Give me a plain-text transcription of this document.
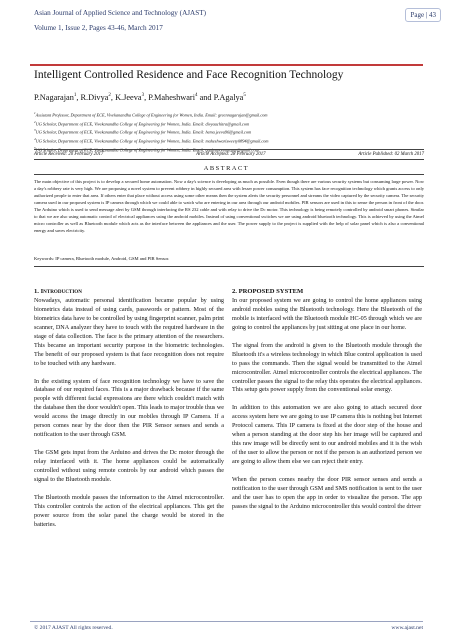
Asian Journal of Applied Science and Technology (AJAST)
Volume 1, Issue 2, Pages 43-46, March 2017
Page | 43
Intelligent Controlled Residence and Face Recognition Technology
P.Nagarajan$^1$, R.Divya$^2$, K.Jeeva$^3$, P.Maheshwari$^4$ and P.Agalya$^5$
$^1$Assistant Professor, Department of ECE, Vivekanandha College of Engineering for Women, India. Email: greennagarajan@gmail.com
$^2$UG Scholar, Department of ECE, Vivekanandha College of Engineering for Women, India. Email: divyaachitra@gmail.com
$^3$UG Scholar, Department of ECE, Vivekanandha College of Engineering for Women, India. Email: hema.jeeva96@gmail.com
$^4$UG Scholar, Department of ECE, Vivekanandha College of Engineering for Women, India. Email: maheshwarisweety0894@gmail.com
$^5$UG Scholar, Department of ECE, Vivekanandha College of Engineering for Women, India. Email: agalyaponnusamy@gmail.com
Article Received: 20 February 2017	Article Accepted: 28 February 2017	Article Published: 02 March 2017
ABSTRACT

The main objective of this project is to develop a secured home automation. Now a day's science is developing as much as possible. Even though there are various security systems but consuming large power. Now a day's robbery rate is very high. We are proposing a novel system to prevent robbery in highly secured area with lesser power consumption. This system has face recognition technology which grants access to only authorized people to enter that area. If others enter that place without access using some other means then the system alerts the security personnel and streams the video captured by the security camera. The security camera used in our proposed system is IP camera through which we could able to watch who are entering in our area through our android mobiles. PIR sensors are used in this to sense the person in front of the door. The Arduino which is used to send message alert by GSM through interfacing the RS 232 cable and with relay to drive the Dc motor. This technology is being remotely controlled by android smart phones. Similar to that we are also using automatic control of electrical appliances using the android mobiles. Instead of using conventional switches we are using android bluetooth technology. This is achieved by using the Atmel micro controller as well as Bluetooth module which acts as the interface between the appliances and the user. The power supply to the project is supplied with the help of solar panel which is also a conventional energy and saves electricity.

Keywords: IP camera, Bluetooth module, Android, GSM and PIR Sensor.

1. INTRODUCTION

Nowadays, automatic personal identification became popular by using biometrics data instead of using cards, passwords or pattern. Most of the biometrics data have to be controlled by using fingerprint scanner, palm print scanner, DNA analyzer they have to touch with the required hardware in the stage of data collection. The face is the primary attention of the researchers. This became an important security purpose in the biometric technologies. The benefit of our proposed system is that face recognition does not require to be touched with any hardware.

In the existing system of face recognition technology we have to save the database of our required faces. This is a major drawback because if the same people with different facial expressions are there which couldn't match with the database then the door wouldn't open. This leads to major trouble thus we would access the image directly in our mobiles through IP Camera. If a person comes near by the door then the PIR Sensor senses and sends a notification to the user through GSM.

The GSM gets input from the Arduino and drives the Dc motor through the relay interfaced with it. The home appliances could be automatically controlled without using remote controls by our android which passes the signal to the Bluetooth module.

The Bluetooth module passes the information to the Atmel microcontroller. This controller controls the action of the electrical appliances. This get the power source from the solar panel the charge would be stored in the batteries.

2. PROPOSED SYSTEM

In our proposed system we are going to control the home appliances using android mobiles using the Bluetooth technology. Here the Bluetooth of the mobile is interfaced with the Bluetooth module HC-05 through which we are going to control the appliances by just sitting at one place in our home.

The signal from the android is given to the Bluetooth module through the Bluetooth it's a wireless technology in which Blue control application is used to pass the commands. Then the signal would be transmitted to the Atmel microcontroller. Atmel microcontroller controls the electrical appliances. The controller passes the signal to the relay this operates the electrical appliances. This setup gets power supply from the conventional solar energy.

In addition to this automation we are also going to attach secured door access system here we are going to use IP camera this is nothing but Internet Protocol camera. This IP camera is fixed at the door step of the house and when a person standing at the door step his her image will be captured and this raw image will be directly sent to our android mobiles and it is the wish of the user to allow the person or not if the person is an authorized person we are going to allow them else we can reject their entry.

When the person comes nearby the door PIR sensor senses and sends a notification to the user through GSM and SMS notification is sent to the user and the user has to open the app in order to visualize the person. The app passes the signal to the Arduino microcontroller this would control the driver

© 2017 AJAST All rights reserved.	www.ajast.net
